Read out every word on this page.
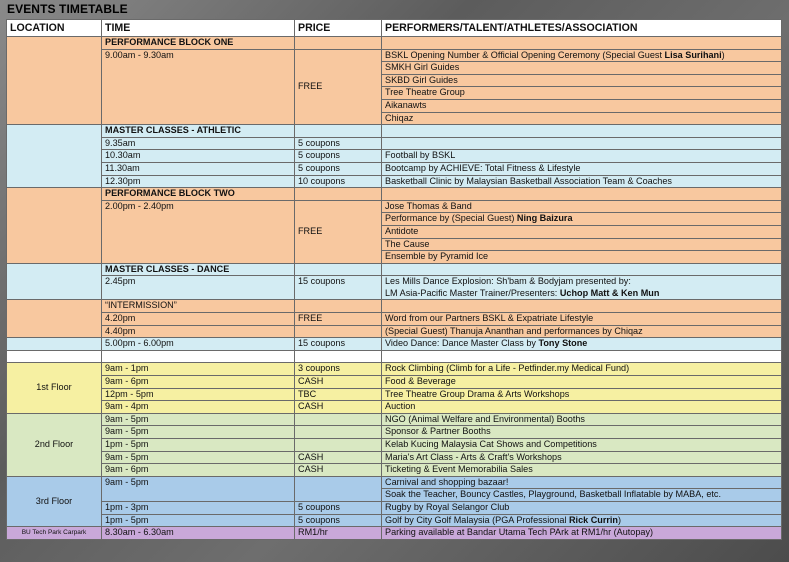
EVENTS TIMETABLE
LOCATION	TIME	PRICE	PERFORMERS/TALENT/ATHLETES/ASSOCIATION
	PERFORMANCE BLOCK ONE		
	9.00am - 9.30am	FREE	BSKL Opening Number & Official Opening Ceremony (Special Guest Lisa Surihani)
			SMKH Girl Guides
			SKBD Girl Guides
			Tree Theatre Group
			Aikanawts
			Chiqaz
	MASTER CLASSES - ATHLETIC		
	9.35am	5 coupons	
	10.30am	5 coupons	Football by BSKL
	11.30am	5 coupons	Bootcamp by ACHIEVE: Total Fitness & Lifestyle
	12.30pm	10 coupons	Basketball Clinic by Malaysian Basketball Association Team & Coaches
	PERFORMANCE BLOCK TWO		
	2.00pm - 2.40pm	FREE	Jose Thomas & Band
			Performance by (Special Guest) Ning Baizura
			Antidote
			The Cause
			Ensemble by Pyramid Ice
	MASTER CLASSES - DANCE		
	2.45pm	15 coupons	Les Mills Dance Explosion: Sh'bam & Bodyjam presented by:
			LM Asia-Pacific Master Trainer/Presenters: Uchop Matt & Ken Mun
	“INTERMISSION”		
	4.20pm	FREE	Word from our Partners BSKL & Expatriate Lifestyle
	4.40pm		(Special Guest) Thanuja Ananthan and performances by Chiqaz
	5.00pm - 6.00pm	15 coupons	Video Dance: Dance Master Class by Tony Stone

1st Floor	9am - 1pm	3 coupons	Rock Climbing (Climb for a Life - Petfinder.my Medical Fund)
	9am - 6pm	CASH	Food & Beverage
	12pm - 5pm	TBC	Tree Theatre Group Drama & Arts Workshops
	9am - 4pm	CASH	Auction
2nd Floor	9am - 5pm		NGO (Animal Welfare and Environmental) Booths
	9am - 5pm		Sponsor & Partner Booths
	1pm - 5pm		Kelab Kucing Malaysia Cat Shows and Competitions
	9am - 5pm	CASH	Maria's Art Class - Arts & Craft's Workshops
	9am - 6pm	CASH	Ticketing & Event Memorabilia Sales
3rd Floor	9am - 5pm		Carnival and shopping bazaar!
			Soak the Teacher, Bouncy Castles, Playground, Basketball Inflatable by MABA, etc.
	1pm - 3pm	5 coupons	Rugby by Royal Selangor Club
	1pm - 5pm	5 coupons	Golf by City Golf Malaysia (PGA Professional Rick Currin)
BU Tech Park Carpark	8.30am - 6.30am	RM1/hr	Parking available at Bandar Utama Tech PArk at RM1/hr (Autopay)
